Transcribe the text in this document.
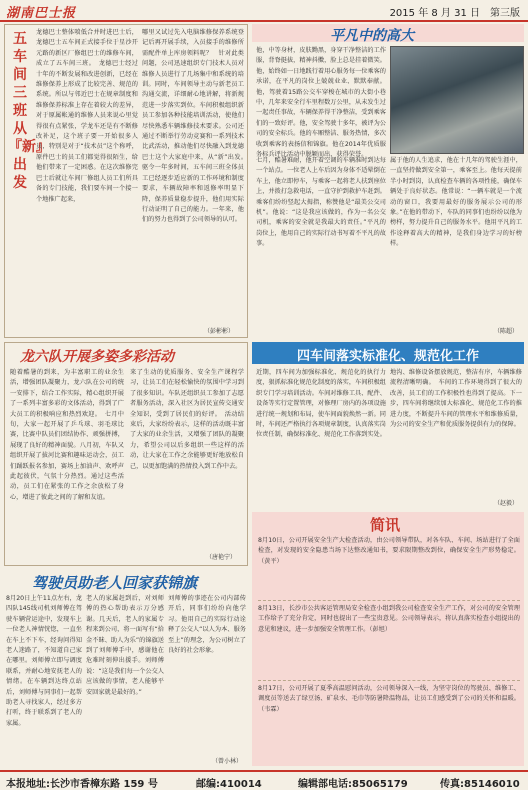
湖南巴士报	2015 年 8 月 31 日　第三版
五车间三班从『新』出发
龙德巴士整体喷低合并时进巴士后，龙德巴士五车间正式接手位于星沙开元路的新区厂修组巴士的维修车间，成立了五车间三班。　龙德巴士经过十年的不断发展和改进创新，已经在维修保养上形成了比较完善、规范的系统。所以与邻近巴士在规章制度和维修保养标准上存在着较大的差异，对于原属帐通的维修人员来说心里觉得很有点紧张，学龙车还是有不断修改补足，这个班子要一开始很多人员，特别是对于“技术员”这个称呼，原件巴士的员工们都觉得很陌生，给他们带来了一定困惑。在这次维修完巴士后就让车间厂修组人员工们所具备的专门技能，我们要车间一个接一个地推广起来，
哪里又试过先入电脑维修保养系统登记后再开展手续，入员接手的维修所需配件单上库房领料呢？　针对此类问题，公司迅速组织专门技术人员对维修人员进行了几场集中和系统的培训。同时，车间领导主动与新老员工沟通交流，详细耐心地讲解，将新规范进一步落实到位。车间积极组织新员工参加各种技能培训活动，使他们尽快熟悉车辆维修技术要求。公司还通过不断举行劳动竞赛和一系列技术比武活动，推动他们尽快融入到龙德巴士这个大家庭中来，从“新”出发。　驱令一年多时间，五车间三班全体员工已经逐步适应新的工作环境和制度要求，车辆故障率和返修率明显下降，保养质量稳步提升，他们用实际行动证明了自己的能力。一年来，他们的努力也得到了公司领导的认可。
（彭彬彬）
平凡中的高大
他，中等身材，皮肤黝黑，身穿干净整洁的工作服，背脊挺拔，精神抖擞，脸上总是挂着微笑。他，始终如一日地践行着用心服务每一位乘客的承诺，在平凡的岗位上兢兢业业、默默奉献。他，驾驶着15路公交车穿梭在城市的大街小巷中，几年来安全行车里程数万公里，从未发生过一起责任事故，车辆保养得干净整洁，受到乘客们的一致好评。他，安全驾驶十多年，被评为公司的安全标兵。他的车厢整洁、服务热情，多次收到乘客的表扬信和锦旗。他在2014年优质服务标兵评比活动中脱颖而出，获得荣誉。
七月，酷暑难耐，他开着空调的车辆准时到达每一个站点。一位老人上车后因为身体不适晕倒在车上，他立即停车，与乘客一起将老人扶到座位上，并拨打急救电话，一直守护到救护车赶到。乘客们纷纷竖起大拇指，称赞他是“最美公交司机”。他说：“这是我应该做的，作为一名公交司机，乘客的安全就是我最大的责任。”平凡的岗位上，他用自己的实际行动书写着不平凡的故事。
属于他的人生追求，他在十几年的驾驶生涯中，一直坚持做到安全第一，乘客至上。他每天提前半小时到岗，认真检查车辆的各项性能，确保车辆处于良好状态。他常说：“一辆车就是一个流动的窗口，我要用最好的服务展示公司的形象。”在他的带动下，车队的同事们也纷纷以他为榜样，努力提升自己的服务水平。他用平凡的工作诠释着高大的精神，是我们身边学习的好榜样。
（陈超）
龙六队开展多姿多彩活动
随着酷暑的到来，为丰富职工的业余生活，增强团队凝聚力，龙六队在公司的统一安排下，结合工作实际，精心组织开展了一系列丰富多彩的文体活动，得到了广大员工的积极响应和热烈欢迎。　七月中旬，大家一起开展了乒乓球、羽毛球比赛，比赛中队员们团结协作、顽强拼搏，展现了良好的精神面貌。八月初，车队又组织开展了拔河比赛和趣味运动会，员工们踊跃报名参加，赛场上加油声、欢呼声此起彼伏，气氛十分热烈。通过这些活动，员工们在紧张的工作之余放松了身心，增进了彼此之间的了解和友谊。
来了生动的优质服务、安全生产课程学习，让员工们在轻松愉快的氛围中学习到了很多知识。车队还组织员工参加了志愿者服务活动，深入社区为居民宣传交通安全知识，受到了居民们的好评。　活动结束后，大家纷纷表示，这样的活动既丰富了大家的业余生活，又增强了团队的凝聚力，希望公司以后多组织一些这样的活动，让大家在工作之余能够更好地放松自己，以更加饱满的热情投入到工作中去。
（唐艳宁）
四车间落实标准化、规范化工作
近期，四车间为加强标准化、规范化的执行力度，狠抓标准化规范化制度的落实，车间积极组织专门学习培训活动。车间对维修工具、配件、设备等实行定置管理，对修理厂房内的各项设施进行统一规划和布局，使车间面貌焕然一新。同时，车间还严格执行各项规章制度，认真落实岗位责任制，确保标准化、规范化工作落到实处。
地沟、维修设备摆放规范，整洁有序，车辆维修流程清晰明确。　车间的工作环境得到了很大的改善，员工们的工作积极性也得到了提高。下一步，四车间将继续加大标准化、规范化工作的推进力度，不断提升车间的管理水平和维修质量，为公司的安全生产和优质服务提供有力的保障。
（赵毅）
简讯
8月10日，公司开展安全生产大检查活动，由公司领导带队，对各车队、车间、场站进行了全面检查，对发现的安全隐患当场下达整改通知书，要求限期整改到位，确保安全生产形势稳定。（黄平）
8月13日，长沙市公共客运管理局安全检查小组到我公司检查安全生产工作，对公司的安全管理工作给予了充分肯定，同时也提出了一些宝贵意见。公司领导表示，将认真落实检查小组提出的意见和建议，进一步加强安全管理工作。（彭旭）
8月17日，公司开展了夏季高温慰问活动，公司领导深入一线，为坚守岗位的驾驶员、维修工、调度员等送去了绿豆汤、矿泉水、毛巾等防暑降温物品，让员工们感受到了公司的关怀和温暖。（韦霖）
驾驶员助老人回家获锦旗
8月20日上午11点左右，龙四队145线司机刘师傅在驾驶车辆营运途中，发现车上一位老人神情恍惚，一直坐在车上不下车，经询问得知老人迷路了，不知道自己家在哪里。刘师傅立即与调度联系，并耐心地安抚老人的情绪。在车辆到达终点站后，刘师傅与同事们一起帮助老人寻找家人，经过多方打听，终于联系到了老人的家属。
老人的家属赶到后，对刘师傅的热心帮助表示万分感谢。几天后，老人的家属专程来到公司，将一面写有“拾金不昧、助人为乐”的锦旗送到了刘师傅手中，感谢他在危难时刻伸出援手。刘师傅说：“这是我们每一个公交人应该做的事情，老人能够平安回家就是最好的。”
刘师傅的事迹在公司内部传开后，同事们纷纷向他学习。他用自己的实际行动诠释了公交人“以人为本、服务至上”的理念，为公司树立了良好的社会形象。
（曾小林）
本报地址:长沙市香樟东路 159 号	邮编:410014	编辑部电话:85065179	传真:85146010
